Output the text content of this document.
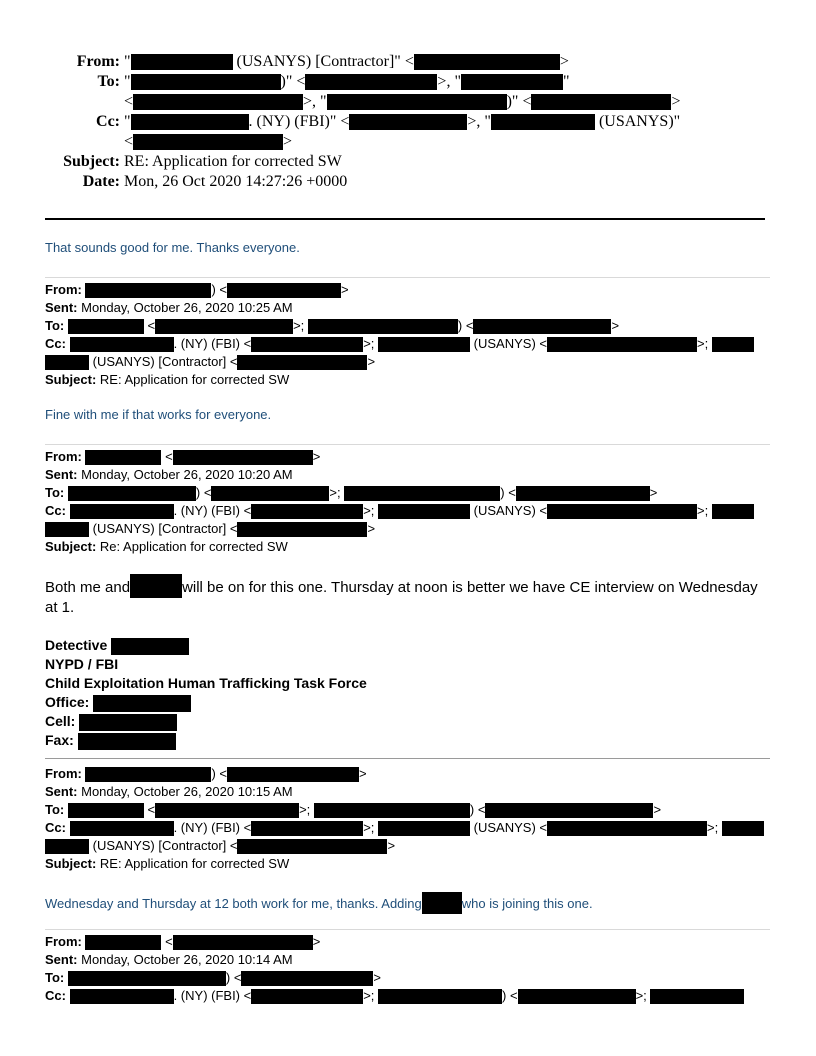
From: "	(USANYS) [Contractor]" <	>
To: "	)" <	>, "	"
<	>, "	)" <	>
Cc: "	. (NY) (FBI)" <	>, "	(USANYS)"
<	>
Subject: RE: Application for corrected SW
Date: Mon, 26 Oct 2020 14:27:26 +0000
That sounds good for me. Thanks everyone.
From:	) <	>
Sent: Monday, October 26, 2020 10:25 AM
To:	<	>;	) <	>
Cc:	. (NY) (FBI) <	>;	(USANYS) <	>;
(USANYS) [Contractor] <	>
Subject: RE: Application for corrected SW
Fine with me if that works for everyone.
From:	<	>
Sent: Monday, October 26, 2020 10:20 AM
To:	) <	>;	) <	>
Cc:	. (NY) (FBI) <	>;	(USANYS) <	>;
(USANYS) [Contractor] <	>
Subject: Re: Application for corrected SW
Both me and	will be on for this one. Thursday at noon is better we have CE interview on Wednesday at 1.
Detective
NYPD / FBI
Child Exploitation Human Trafficking Task Force
Office:
Cell:
Fax:
From:	) <	>
Sent: Monday, October 26, 2020 10:15 AM
To:	<	>;	) <	>
Cc:	. (NY) (FBI) <	>;	(USANYS) <	>;
(USANYS) [Contractor] <	>
Subject: RE: Application for corrected SW
Wednesday and Thursday at 12 both work for me, thanks. Adding	who is joining this one.
From:	<	>
Sent: Monday, October 26, 2020 10:14 AM
To:	) <	>
Cc:	. (NY) (FBI) <	>;	) <	>;
